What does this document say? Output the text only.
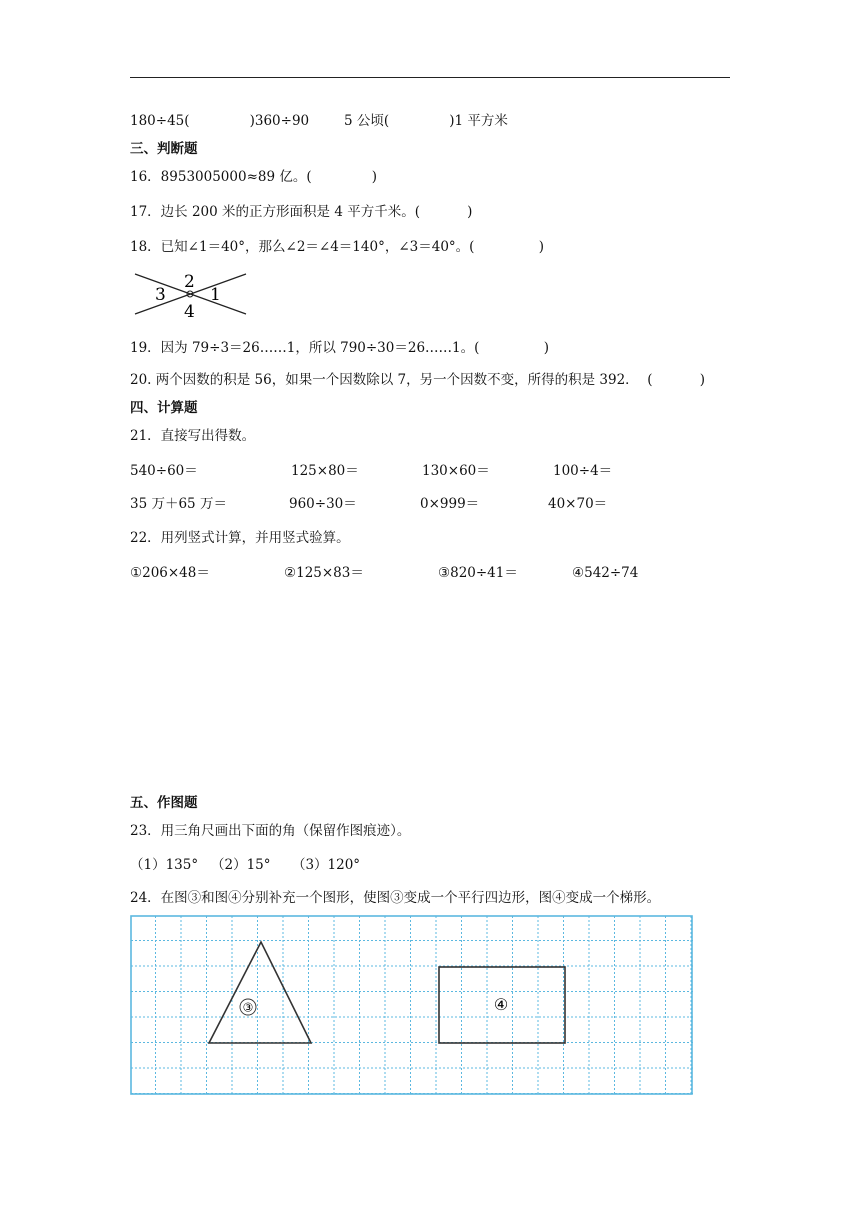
180÷45(              )360÷90	5 公顷(              )1 平方米
三、判断题
16．8953005000≈89 亿。(              )
17．边长 200 米的正方形面积是 4 平方千米。(           )
18．已知∠1＝40°，那么∠2＝∠4＝140°，∠3＝40°。(               )
2
3	1
4
19．因为 79÷3＝26……1，所以 790÷30＝26……1。(               )
20. 两个因数的积是 56，如果一个因数除以 7，另一个因数不变，所得的积是 392．  (           )
四、计算题
21．直接写出得数。
540÷60＝	125×80＝	130×60＝	100÷4＝
35 万＋65 万＝	960÷30＝	0×999＝	40×70＝
22．用列竖式计算，并用竖式验算。
①206×48＝	②125×83＝	③820÷41＝	④542÷74
五、作图题
23．用三角尺画出下面的角（保留作图痕迹）。
（1）135°   （2）15°     （3）120°
24．在图③和图④分别补充一个图形，使图③变成一个平行四边形，图④变成一个梯形。
③	④
